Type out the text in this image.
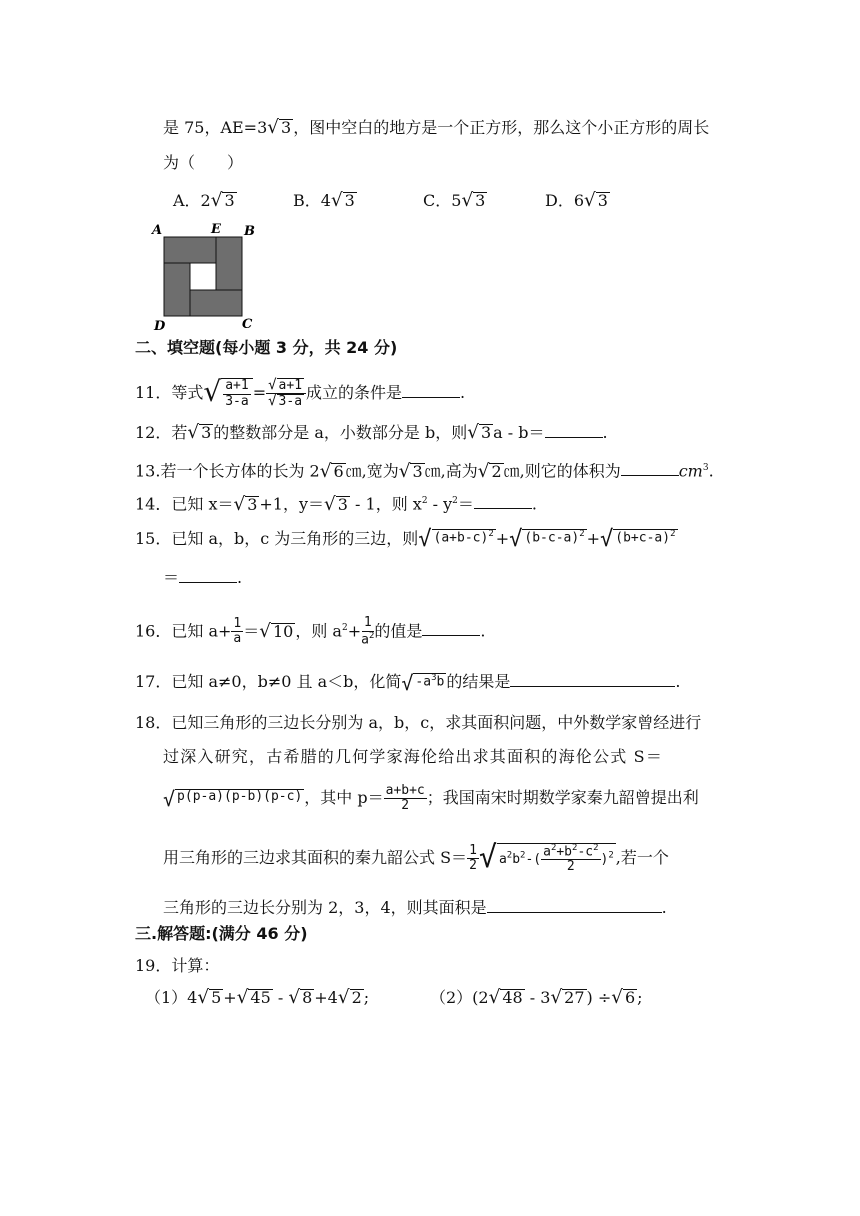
是 75，AE=3 √ 3 ，图中空白的地方是一个正方形，那么这个小正方形的周长
为（　　）
A．2 √ 3	B．4 √ 3	C．5 √ 3	D．6 √ 3
A	E B
D	C
二、填空题(每小题 3 分，共 24 分)
11．等式 √ $\frac{a+1}{3-a} = \frac{√ a+1}{√ 3-a}$ 成立的条件是	.
12．若 √ 3 的整数部分是 a，小数部分是 b，则 √ 3 a - b＝	.
13.若一个长方体的长为 2 √ 6 ㎝,宽为 √ 3 ㎝,高为 √ 2 ㎝,则它的体积为	$cm^3$.
14．已知 x＝ √ 3 +1，y＝ √ 3 - 1，则 $x^2 - y^2=$	.
15．已知 a，b，c 为三角形的三边，则 √ $(a+b-c)^2$ + √ $(b-c-a)^2$ + √ $(b+c-a)^2$
＝	.
16．已知 $a+ \frac{1}{a}$ ＝ √ 10 ，则 $a^2+ \frac{1}{a^2}$ 的值是	.
17．已知 a≠0，b≠0 且 a＜b，化简 √ $-a^3b$ 的结果是	.
18．已知三角形的三边长分别为 a，b，c，求其面积问题，中外数学家曾经进行
过深入研究，古希腊的几何学家海伦给出求其面积的海伦公式 S＝
√ p(p-a)(p-b)(p-c) ，其中 $p= \frac{a+b+c}{2}$ ；我国南宋时期数学家秦九韶曾提出利
用三角形的三边求其面积的秦九韶公式 $S= \frac{1}{2}$ √ $a^2b^2-( \frac{a^2+b^2-c^2}{2} )^2$ ,若一个
三角形的三边长分别为 2，3，4，则其面积是	.
三.解答题:(满分 46 分)
19．计算：
（1）4 √ 5 + √ 45 - √ 8 +4 √ 2 ;	（2）(2 √ 48 - 3 √ 27 ) ÷ √ 6 ;
